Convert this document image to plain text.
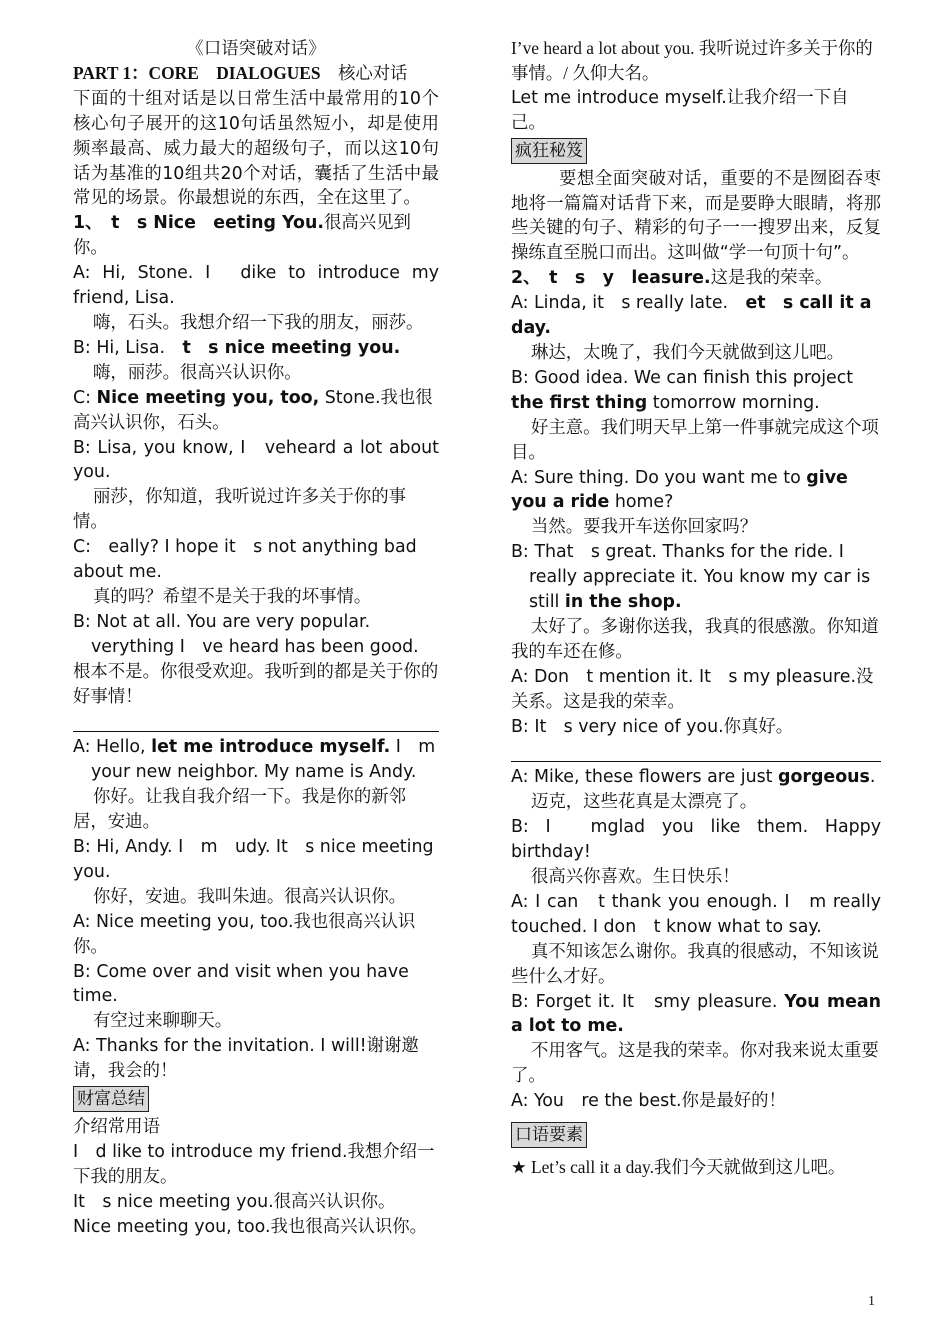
《口语突破对话》

PART 1：CORE　DIALOGUES　 核心对话

下面的十组对话是以日常生活中最常用的10个核心句子展开的这10句话虽然短小，却是使用频率最高、威力最大的超级句子，而以这10句话为基准的10组共20个对话，囊括了生活中最常见的场景。你最想说的东西，全在这里了。

1、　t　s Nice　eeting You.很高兴见到你。

A: Hi, Stone. I　dike to introduce my friend, Lisa.

嗨，石头。我想介绍一下我的朋友，丽莎。

B: Hi, Lisa.　t　s nice meeting you.

嗨，丽莎。很高兴认识你。

C: Nice meeting you, too, Stone.我也很高兴认识你，石头。

B: Lisa, you know, I　veheard a lot about you.

丽莎，你知道，我听说过许多关于你的事情。

C:　eally? I hope it　s not anything bad about me.

真的吗？希望不是关于我的坏事情。

B: Not at all. You are very popular.

verything I　ve heard has been good.

根本不是。你很受欢迎。我听到的都是关于你的好事情！

A: Hello, let me introduce myself. I　m

your new neighbor. My name is Andy.

你好。让我自我介绍一下。我是你的新邻居，安迪。

B: Hi, Andy. I　m　udy. It　s nice meeting you.

你好，安迪。我叫朱迪。很高兴认识你。

A: Nice meeting you, too.我也很高兴认识你。

B: Come over and visit when you have time.

有空过来聊聊天。

A: Thanks for the invitation. I will!谢谢邀请，我会的！

财富总结

介绍常用语

I　d like to introduce my friend.我想介绍一下我的朋友。

It　s nice meeting you.很高兴认识你。

Nice meeting you, too.我也很高兴认识你。

I’ve heard a lot about you. 我听说过许多关于你的事情。/ 久仰大名。

Let me introduce myself.让我介绍一下自己。

疯狂秘笈

要想全面突破对话，重要的不是囫囵吞枣地将一篇篇对话背下来，而是要睁大眼睛，将那些关键的句子、精彩的句子一一搜罗出来，反复操练直至脱口而出。这叫做“学一句顶十句”。

2、　t　s　y　leasure.这是我的荣幸。

A: Linda, it　s really late.　et　s call it a day.

琳达，太晚了，我们今天就做到这儿吧。

B: Good idea. We can finish this project the first thing tomorrow morning.

好主意。我们明天早上第一件事就完成这个项目。

A: Sure thing. Do you want me to give you a ride home?

当然。要我开车送你回家吗？

B: That　s great. Thanks for the ride. I

really appreciate it. You know my car is still in the shop.

太好了。多谢你送我，我真的很感激。你知道我的车还在修。

A: Don　t mention it. It　s my pleasure.没关系。这是我的荣幸。

B: It　s very nice of you.你真好。

A: Mike, these flowers are just gorgeous.

迈克，这些花真是太漂亮了。

B: I　mglad you like them. Happy birthday!

很高兴你喜欢。生日快乐！

A: I can　t thank you enough. I　m really touched. I don　t know what to say.

真不知该怎么谢你。我真的很感动，不知该说些什么才好。

B: Forget it. It　smy pleasure. You mean a lot to me.

不用客气。这是我的荣幸。你对我来说太重要了。

A: You　re the best.你是最好的！

口语要素

★ Let’s call it a day.我们今天就做到这儿吧。

1
